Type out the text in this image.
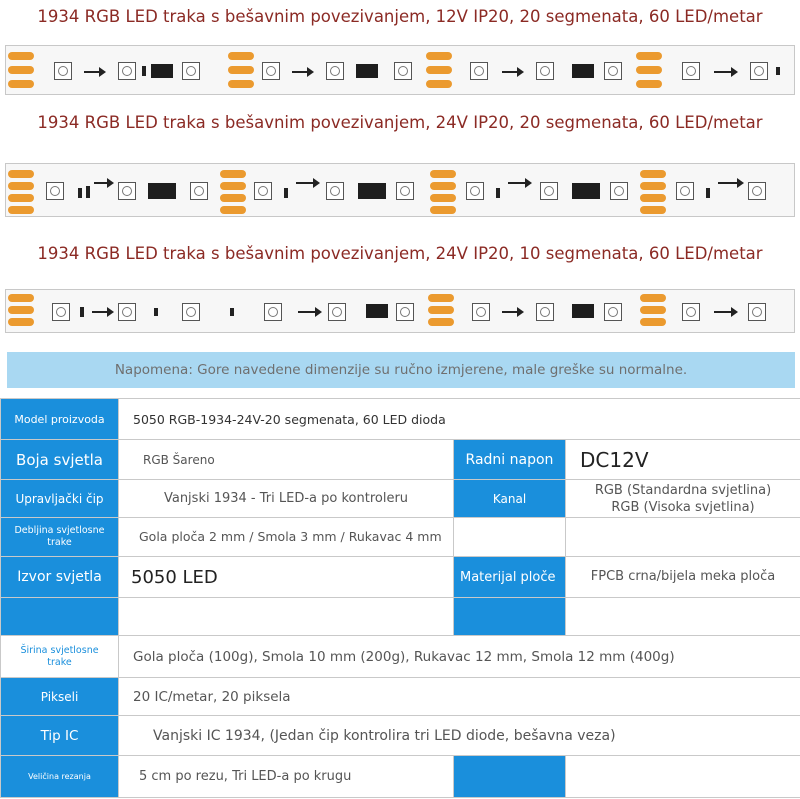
1934 RGB LED traka s bešavnim povezivanjem, 12V IP20, 20 segmenata, 60 LED/metar
1934 RGB LED traka s bešavnim povezivanjem, 24V IP20, 20 segmenata, 60 LED/metar
1934 RGB LED traka s bešavnim povezivanjem, 24V IP20, 10 segmenata, 60 LED/metar
Napomena: Gore navedene dimenzije su ručno izmjerene, male greške su normalne.
Model proizvoda	5050 RGB-1934-24V-20 segmenata, 60 LED dioda		
Boja svjetla	RGB Šareno	Radni napon	DC12V
Upravljački čip	Vanjski 1934 - Tri LED-a po kontroleru	Kanal	RGB (Standardna svjetlina)
RGB (Visoka svjetlina)

Debljina svjetlosne trake	Gola ploča 2 mm / Smola 3 mm / Rukavac 4 mm		
Izvor svjetla	5050 LED	Materijal ploče	FPCB crna/bijela meka ploča

Širina svjetlosne trake	Gola ploča (100g), Smola 10 mm (200g), Rukavac 12 mm, Smola 12 mm (400g)		
Pikseli	20 IC/metar, 20 piksela		
Tip IC	Vanjski IC 1934, (Jedan čip kontrolira tri LED diode, bešavna veza)		
Veličina rezanja	5 cm po rezu, Tri LED-a po krugu		
